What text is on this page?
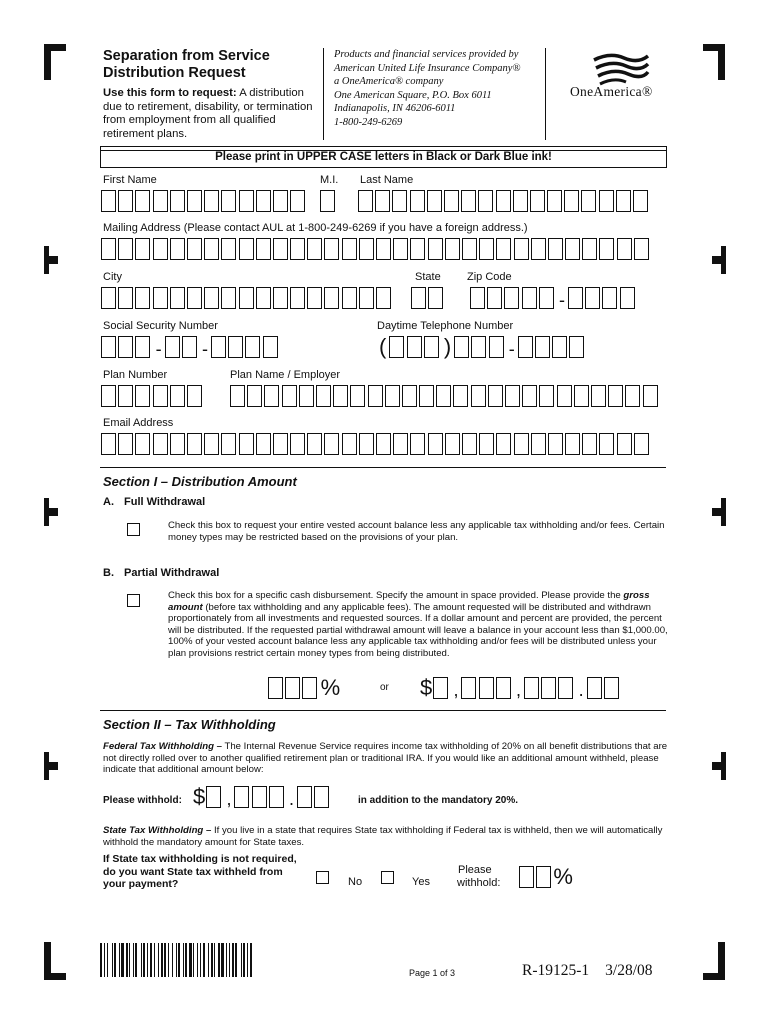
Separation from Service
Distribution Request
Use this form to request: A distribution
due to retirement, disability, or termination
from employment from all qualified
retirement plans.
Products and financial services provided by
American United Life Insurance Company®
a OneAmerica® company
One American Square, P.O. Box 6011
Indianapolis, IN 46206-6011
1-800-249-6269
OneAmerica®
Please print in UPPER CASE letters in Black or Dark Blue ink!
First Name	M.I. Last Name
Mailing Address (Please contact AUL at 1-800-249-6269 if you have a foreign address.)
City	State Zip Code
-
Social Security Number	Daytime Telephone Number
- -	(	)	-
Plan Number	Plan Name / Employer
Email Address
Section I – Distribution Amount
A. Full Withdrawal
Check this box to request your entire vested account balance less any applicable tax withholding and/or fees. Certain
money types may be restricted based on the provisions of your plan.
B. Partial Withdrawal
Check this box for a specific cash disbursement. Specify the amount in space provided. Please provide the gross
amount (before tax withholding and any applicable fees). The amount requested will be distributed and withdrawn
proportionately from all investments and requested sources. If a dollar amount and percent are provided, the percent
will be distributed. If the requested partial withdrawal amount will leave a balance in your account less than $1,000.00,
100% of your vested account balance less any applicable tax withholding and/or fees will be distributed unless your
plan provisions restrict certain money types from being distributed.
%	or $ ,	,	.
Section II – Tax Withholding
Federal Tax Withholding – The Internal Revenue Service requires income tax withholding of 20% on all benefit distributions that are
not directly rolled over to another qualified retirement plan or traditional IRA. If you would like an additional amount withheld, please
indicate that additional amount below:
Please withhold: $ ,	.	in addition to the mandatory 20%.
State Tax Withholding – If you live in a state that requires State tax withholding if Federal tax is withheld, then we will automatically
withhold the mandatory amount for State taxes.
If State tax withholding is not required,
do you want State tax withheld from
your payment?	No	Yes
Please
withhold: %
Page 1 of 3	R-19125-1 3/28/08
